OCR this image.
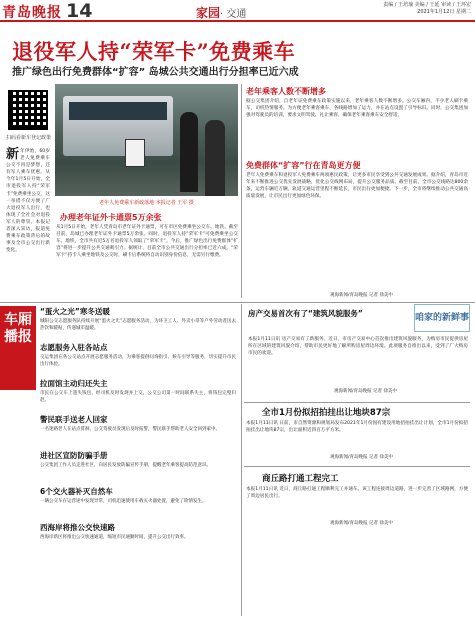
青岛晚报 14	家园· 交通
责编 / 王培瑜 美编 / 王延 审读 / 王环宏
2021年1月12日 星期二
退役军人持“荣军卡”免费乘车
推广绿色出行免费群体“扩容” 岛城公共交通出行分担率已近六成
扫码看新车登记政策
新 年伊始，60岁老人免费乘车公交不再是梦想，还有军人乘车优惠。从今年1月5日开始，全市退役军人持“荣军卡”免费乘坐公交，这一举措不仅方便了广大退役军人出行，也体现了全社会对退役军人的尊崇。本报记者深入采访，报道免费乘车政策背后的故事及全市公交出行新变化。
老年人免费乘车新政落地 本报记者 王军 摄
办理老年证外卡通票5万余张
从1月5日开始，老年人凭青岛市老年证外卡通票，可在市区免费乘坐公交车、地铁。截至目前，岛城已办理老年证外卡通票5万余张。同时，退役军人持“荣军卡”可免费乘坐公交车、地铁，全市共有近5万名退役军人领取了“荣军卡”。今后，推广绿色出行免费群体“扩容”将进一步提升公共交通吸引力。据统计，目前全市公共交通出行分担率已近六成。“荣军卡”持卡人乘坐地铁及公交时，刷卡后系统将自动识别身份信息，无需另行缴费。
老年乘客人数不断增多
据公交集团介绍，自老年证免费乘车政策实施以来，老年乘客人数不断增多。公交车厢内，不少老人刷卡乘车，司机热情服务。为方便老年乘客乘车，各线路增加了运力，并在站点设置了引导标识。同时，公交集团加强对驾驶员的培训，要求文明驾驶、礼让乘客，确保老年乘客乘车安全舒适。
免费群体“扩容”行在青岛更方便
老年人免费乘车和退役军人免费乘车两项惠民政策，让更多市民享受到公共交通发展成果。据介绍，青岛市近年来不断推进公交优先发展战略，优化公交线网布局，提升公交服务品质。截至目前，全市公交线路达800余条，运营车辆近万辆，轨道交通运营里程不断延长，市民出行更加便捷。下一步，全市将继续推动公共交通高质量发展，让市民出行更加绿色环保。
观海新闻/青岛晚报 记者 徐美中
车厢播报
“蛋火之光”寒冬送暖

城阳公交志愿服务队持续开展“蛋火之光”志愿服务活动，为环卫工人、外卖小哥等户外劳动者送去热饮和暖贴，传递城市温暖。

志愿服务入驻各站点

交运集团在各公交站点开展志愿服务活动，为乘客提供问询指引、候车引导等服务，切实提升市民出行体验。

拉面馆主动归还失主

市民在公交车上遗失钱包，经司机及时发现并上交，公交公司第一时间联系失主，将钱包完璧归赵。

警民联手送老人回家

一名迷路老人在站点徘徊，公交驾驶员发现后及时报警，警民联手帮助老人安全回到家中。

进社区宣防防骗手册

公交集团工作人员走进社区，向居民发放防骗宣传手册，提醒老年乘客提高防范意识。

6个交火器补灭自然车

一辆公交车在运营途中发现异常，司机迅速使用车载灭火器处置，避免了险情发生。

西海岸将推公交快速路

西海岸新区将推出公交快速通道，缩短市民通勤时间，提升公交出行效率。

咱家的新鲜事
房产交易首次有了“建筑风貌服务”
本报1月11日讯 房产交易有了新服务。近日，市房产交易中心首次推出建筑风貌服务，为购房市民提供房屋所在区域的建筑风貌介绍，帮助市民更好地了解所购房屋周边环境。此项服务自推出以来，受到了广大购房市民的欢迎。
观海新闻/青岛晚报 记者 徐美中
全市1月份拟招拍挂出让地块87宗
本报1月11日讯 日前，市自然资源和规划局发布2021年1月份国有建设用地招拍挂出让计划，全市1月份拟招拍挂出让地块87宗，出让面积近四百万平方米。
观海新闻/青岛晚报 记者 徐美中
商丘路打通工程完工
本报1月11日讯 近日，商丘路打通工程顺利完工并通车。该工程连接周边道路，进一步完善了区域路网，方便了周边居民出行。
观海新闻/青岛晚报 记者 徐美中
